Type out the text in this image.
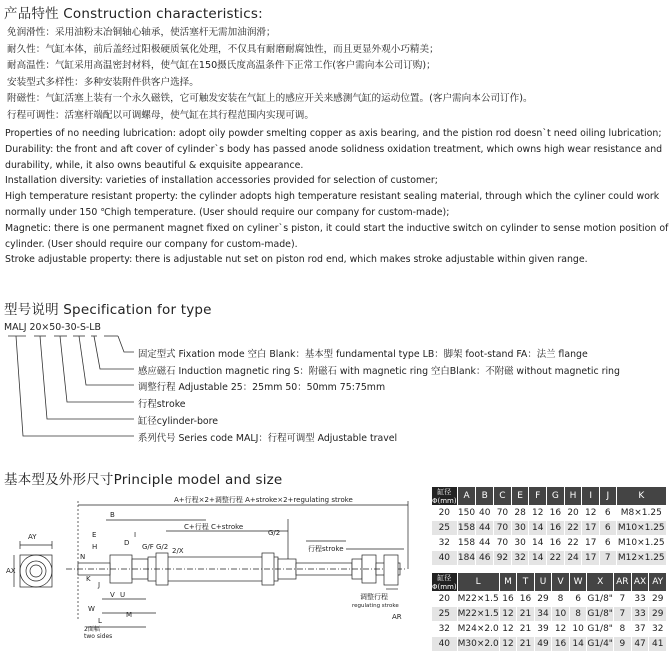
产品特性 Construction characteristics:
免润滑性：采用油粉末冶铜轴心轴承，使活塞杆无需加油润滑；
耐久性：气缸本体，前后盖经过阳极硬质氧化处理，不仅具有耐磨耐腐蚀性，而且更显外观小巧精美；
耐高温性：气缸采用高温密封材料，使气缸在150摄氏度高温条件下正常工作(客户需向本公司订购)；
安装型式多样性：多种安装附件供客户选择。
附磁性：气缸活塞上装有一个永久磁铁，它可触发安装在气缸上的感应开关来感测气缸的运动位置。(客户需向本公司订作)。
行程可调性：活塞杆端配以可调螺母，使气缸在其行程范围内实现可调。
Properties of no needing lubrication: adopt oily powder smelting copper as axis bearing, and the pistion rod doesn`t need oiling lubrication;
Durability: the front and aft cover of cylinder`s body has passed anode solidness oxidation treatment, which owns high wear resistance and
durability, while, it also owns beautiful & exquisite appearance.
Installation diversity: varieties of installation accessories provided for selection of customer;
High temperature resistant property: the cylinder adopts high temperature resistant sealing material, through which the cyliner could work
normally under 150 ℃high temperature. (User should require our company for custom-made);
Magnetic: there is one permanent magnet fixed on cyliner`s piston, it could start the inductive switch on cylinder to sense motion position of
cylinder. (User should require our company for custom-made).
Stroke adjustable property: there is adjustable nut set on piston rod end, which makes stroke adjustable within given range.
型号说明 Specification for type
MALJ 20×50-30-S-LB
固定型式 Fixation mode 空白 Blank：基本型 fundamental type LB：脚架 foot-stand FA：法兰 flange
感应磁石 Induction magnetic ring S：附磁石 with magnetic ring 空白Blank：不附磁 without magnetic ring
调整行程 Adjustable 25：25mm 50：50mm 75:75mm
行程stroke
缸径cylinder-bore
系列代号 Series code MALJ：行程可调型 Adjustable travel
基本型及外形尺寸Principle model and size
A+行程×2+调整行程 A+stroke×2+regulating stroke
B
C+行程 C+stroke
E
H
I
D G/F G/2 2/X
G/2
行程stroke
调整行程
regulating stroke
AY
AX
N
K
J
V U
W
L
2面幅
two sides
M	AR
缸径Φ(mm)	A	B	C	E	F	G	H	I	J	K
20	150	40	70	28	12	16	20	12	6	M8×1.25
25	158	44	70	30	14	16	22	17	6	M10×1.25
32	158	44	70	30	14	16	22	17	6	M10×1.25
40	184	46	92	32	14	22	24	17	7	M12×1.25
缸径Φ(mm)	L	M	T	U	V	W	X	AR	AX	AY
20	M22×1.5	16	16	29	8	6	G1/8"	7	33	29
25	M22×1.5	12	21	34	10	8	G1/8"	7	33	29
32	M24×2.0	12	21	39	12	10	G1/8"	8	37	32
40	M30×2.0	12	21	49	16	14	G1/4"	9	47	41
